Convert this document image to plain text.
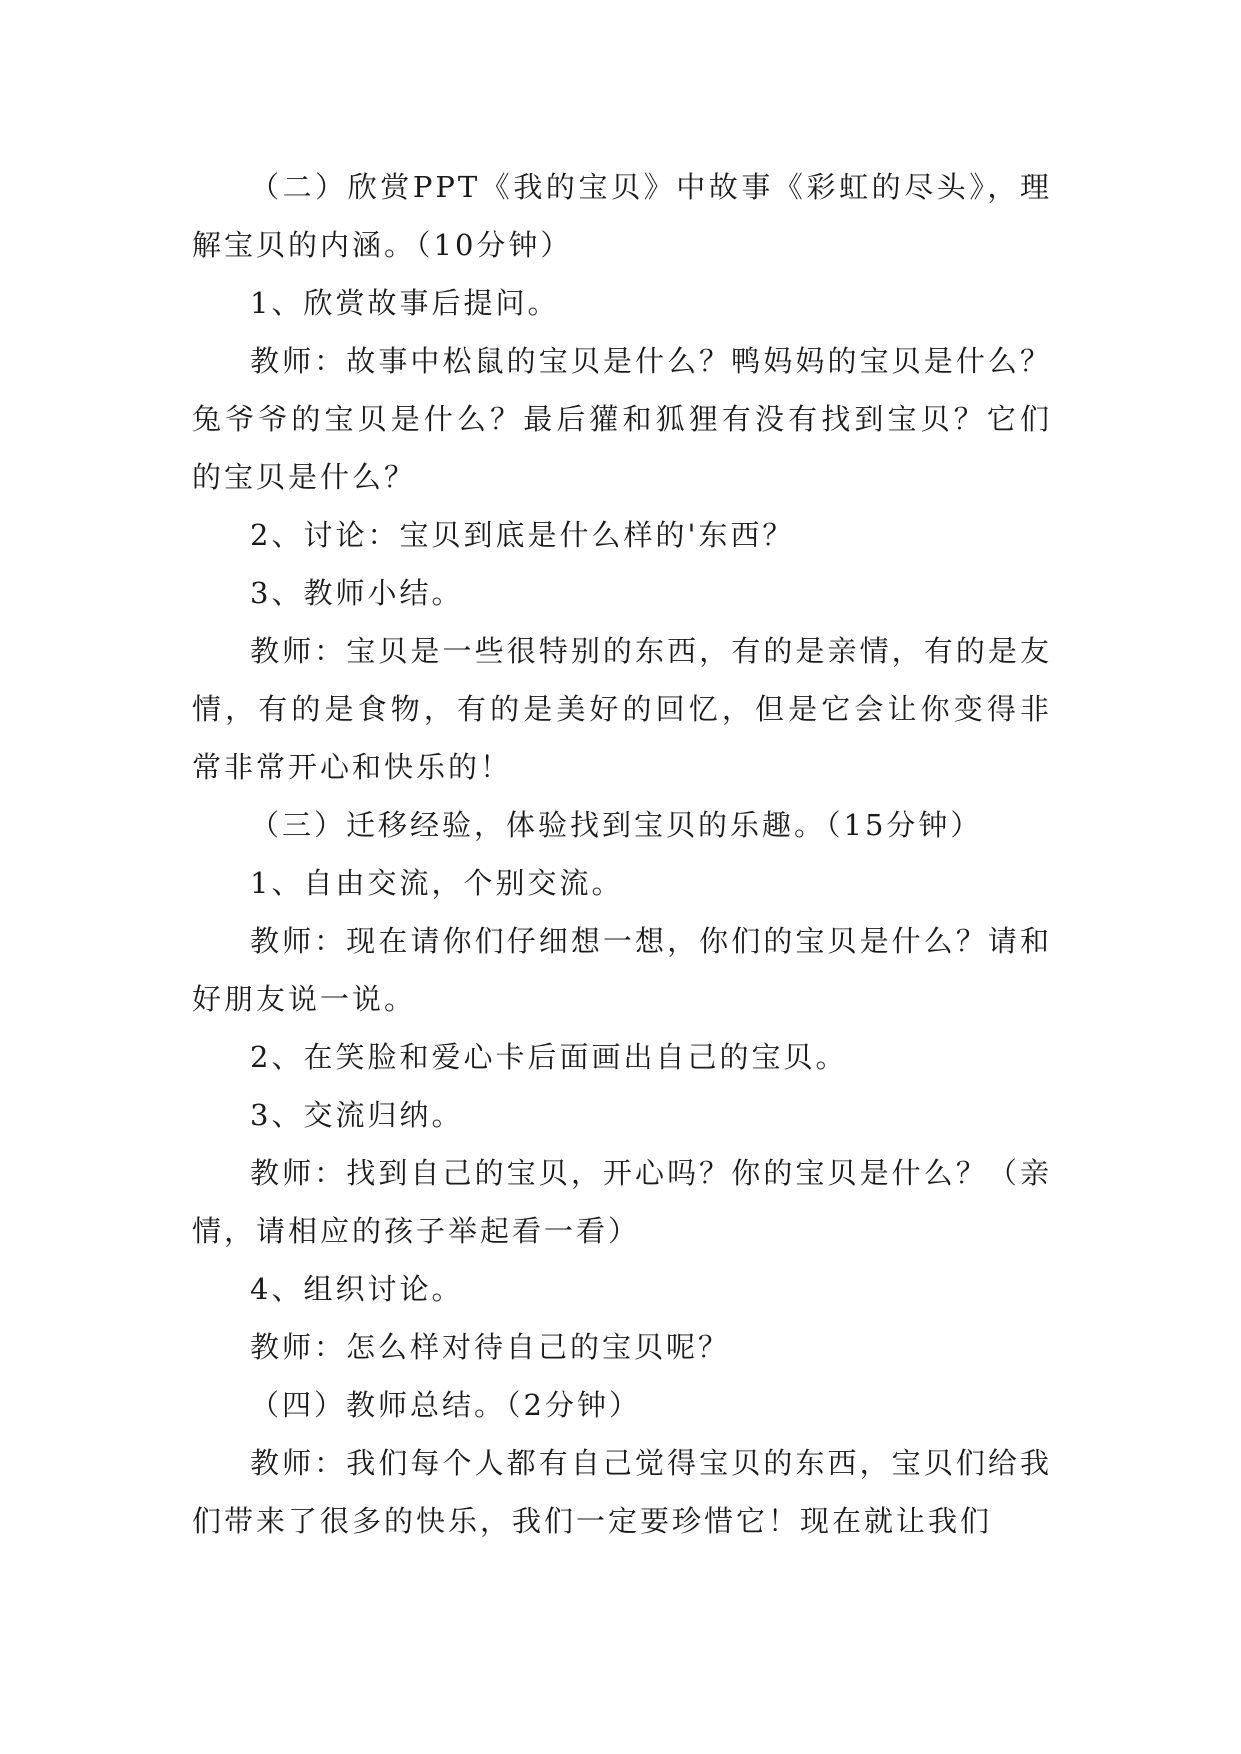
（二）欣赏PPT《我的宝贝》中故事《彩虹的尽头》，理解宝贝的内涵。（10分钟）

1、欣赏故事后提问。

教师：故事中松鼠的宝贝是什么？鸭妈妈的宝贝是什么？兔爷爷的宝贝是什么？最后獾和狐狸有没有找到宝贝？它们的宝贝是什么？

2、讨论：宝贝到底是什么样的'东西？

3、教师小结。

教师：宝贝是一些很特别的东西，有的是亲情，有的是友情，有的是食物，有的是美好的回忆，但是它会让你变得非常非常开心和快乐的！

（三）迁移经验，体验找到宝贝的乐趣。（15分钟）

1、自由交流，个别交流。

教师：现在请你们仔细想一想，你们的宝贝是什么？请和好朋友说一说。

2、在笑脸和爱心卡后面画出自己的宝贝。

3、交流归纳。

教师：找到自己的宝贝，开心吗？你的宝贝是什么？（亲情，请相应的孩子举起看一看）

4、组织讨论。

教师：怎么样对待自己的宝贝呢？

（四）教师总结。（2分钟）

教师：我们每个人都有自己觉得宝贝的东西，宝贝们给我们带来了很多的快乐，我们一定要珍惜它！现在就让我们
